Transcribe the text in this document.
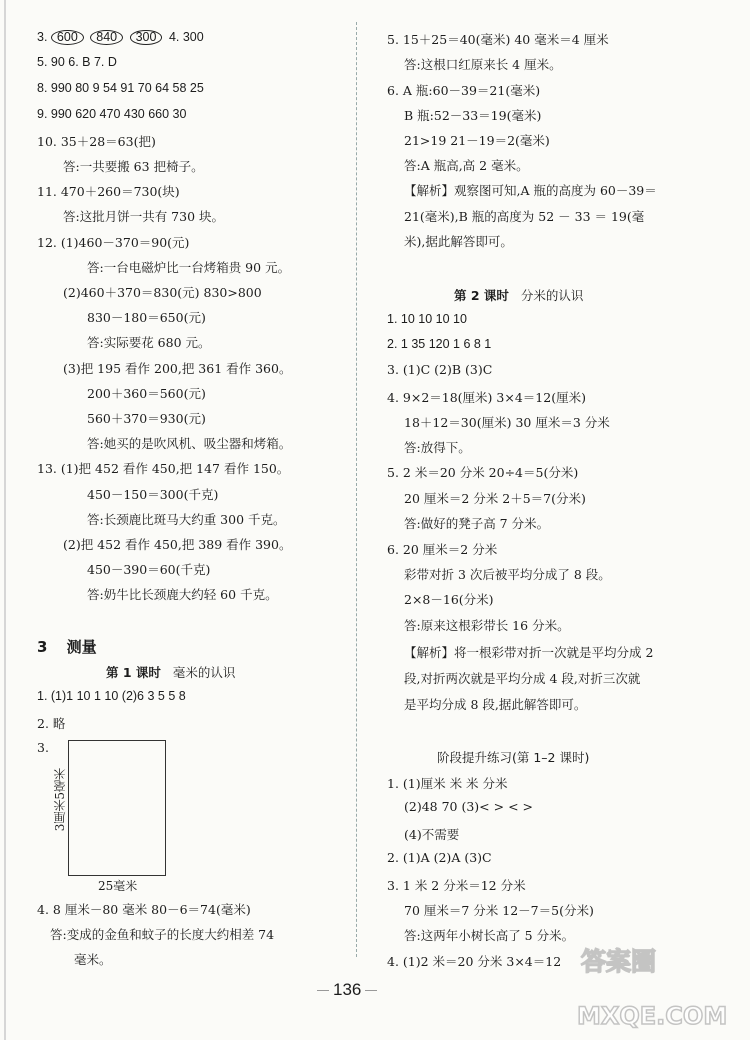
3. 600 840 300 4. 300
5. 90 6. B 7. D
8. 990 80 9 54 91 70 64 58 25
9. 990 620 470 430 660 30
10. 35＋28＝63(把)
答:一共要搬 63 把椅子。
11. 470＋260＝730(块)
答:这批月饼一共有 730 块。
12. (1)460－370＝90(元)
答:一台电磁炉比一台烤箱贵 90 元。
(2)460＋370＝830(元) 830>800
830－180＝650(元)
答:实际要花 680 元。
(3)把 195 看作 200,把 361 看作 360。
200＋360＝560(元)
560＋370＝930(元)
答:她买的是吹风机、吸尘器和烤箱。
13. (1)把 452 看作 450,把 147 看作 150。
450－150＝300(千克)
答:长颈鹿比斑马大约重 300 千克。
(2)把 452 看作 450,把 389 看作 390。
450－390＝60(千克)
答:奶牛比长颈鹿大约轻 60 千克。
3 测量
第 1 课时 毫米的认识
1. (1)1 10 1 10 (2)6 3 5 5 8
2. 略
3.
3厘米5毫米
25毫米
4. 8 厘米－80 毫米 80－6＝74(毫米)
答:变成的金鱼和蚊子的长度大约相差 74
毫米。
5. 15＋25＝40(毫米) 40 毫米＝4 厘米
答:这根口红原来长 4 厘米。
6. A 瓶:60－39＝21(毫米)
B 瓶:52－33＝19(毫米)
21>19 21－19＝2(毫米)
答:A 瓶高,高 2 毫米。
【解析】观察图可知,A 瓶的高度为 60－39＝
21(毫米),B 瓶的高度为 52 － 33 ＝ 19(毫
米),据此解答即可。
第 2 课时 分米的认识
1. 10 10 10 10
2. 1 35 120 1 6 8 1
3. (1)C (2)B (3)C
4. 9×2＝18(厘米) 3×4＝12(厘米)
18＋12＝30(厘米) 30 厘米＝3 分米
答:放得下。
5. 2 米＝20 分米 20÷4＝5(分米)
20 厘米＝2 分米 2＋5＝7(分米)
答:做好的凳子高 7 分米。
6. 20 厘米＝2 分米
彩带对折 3 次后被平均分成了 8 段。
2×8－16(分米)
答:原来这根彩带长 16 分米。
【解析】将一根彩带对折一次就是平均分成 2
段,对折两次就是平均分成 4 段,对折三次就
是平均分成 8 段,据此解答即可。
阶段提升练习(第 1–2 课时)
1. (1)厘米 米 米 分米
(2)48 70 (3)< > < >
(4)不需要
2. (1)A (2)A (3)C
3. 1 米 2 分米＝12 分米
70 厘米＝7 分米 12－7＝5(分米)
答:这两年小树长高了 5 分米。
4. (1)2 米＝20 分米 3×4＝12
136
答案圈
MXQE.COM
